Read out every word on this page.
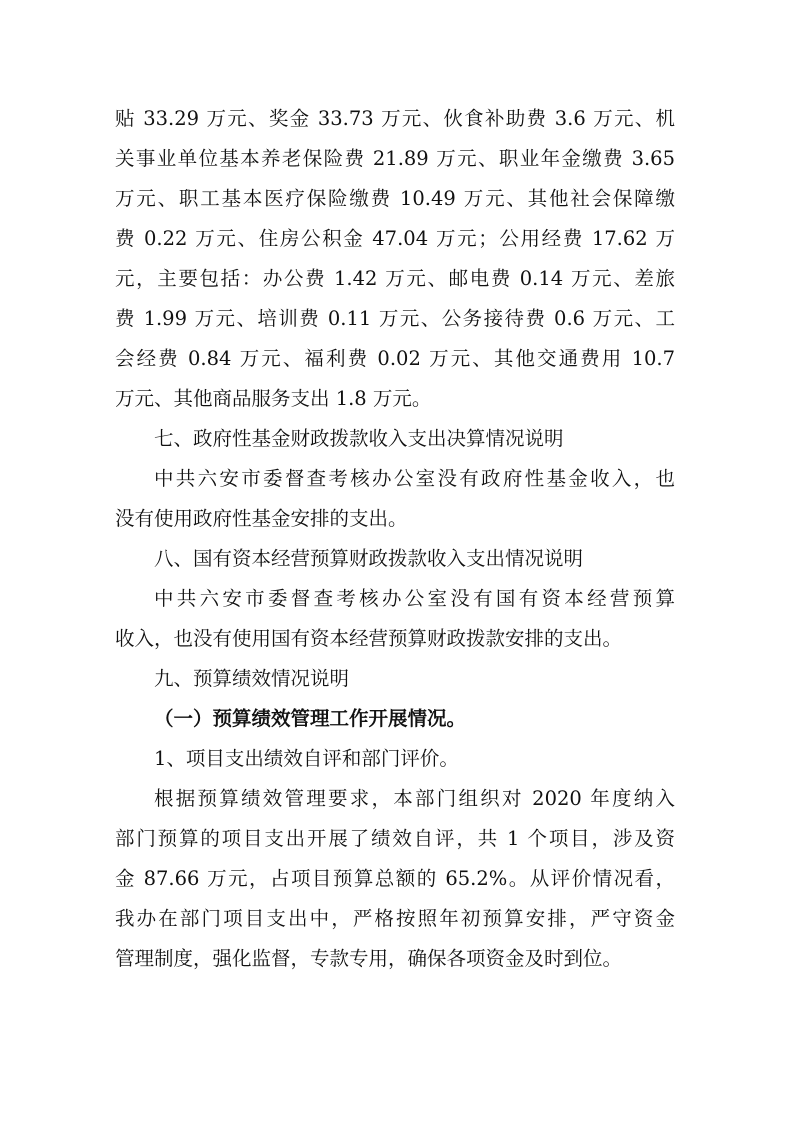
贴 33.29 万元、奖金 33.73 万元、伙食补助费 3.6 万元、机

关事业单位基本养老保险费 21.89 万元、职业年金缴费 3.65

万元、职工基本医疗保险缴费 10.49 万元、其他社会保障缴

费 0.22 万元、住房公积金 47.04 万元；公用经费 17.62 万

元，主要包括：办公费 1.42 万元、邮电费 0.14 万元、差旅

费 1.99 万元、培训费 0.11 万元、公务接待费 0.6 万元、工

会经费 0.84 万元、福利费 0.02 万元、其他交通费用 10.7

万元、其他商品服务支出 1.8 万元。

七、政府性基金财政拨款收入支出决算情况说明

中共六安市委督查考核办公室没有政府性基金收入，也

没有使用政府性基金安排的支出。

八、国有资本经营预算财政拨款收入支出情况说明

中共六安市委督查考核办公室没有国有资本经营预算

收入，也没有使用国有资本经营预算财政拨款安排的支出。

九、预算绩效情况说明
（一）预算绩效管理工作开展情况。

1、项目支出绩效自评和部门评价。

根据预算绩效管理要求，本部门组织对 2020 年度纳入

部门预算的项目支出开展了绩效自评，共 1 个项目，涉及资

金 87.66 万元，占项目预算总额的 65.2%。从评价情况看，

我办在部门项目支出中，严格按照年初预算安排，严守资金

管理制度，强化监督，专款专用，确保各项资金及时到位。
